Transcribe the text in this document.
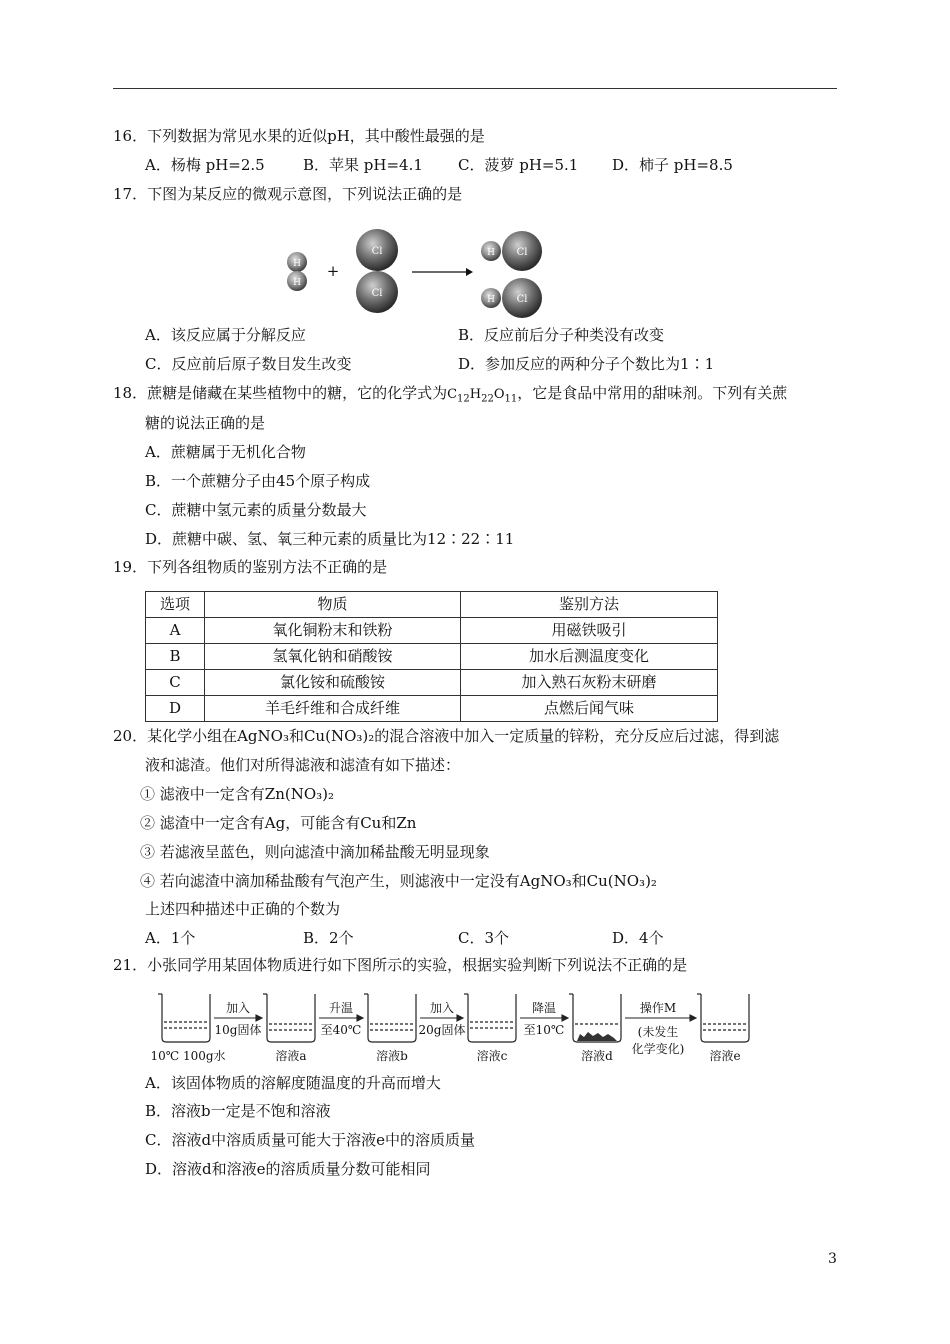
16．下列数据为常见水果的近似pH，其中酸性最强的是
A．杨梅 pH=2.5	B．苹果 pH=4.1 C．菠萝 pH=5.1 D．柿子 pH=8.5
17．下图为某反应的微观示意图，下列说法正确的是
H
H
+
Cl
Cl
H Cl
H Cl
A．该反应属于分解反应	B．反应前后分子种类没有改变
C．反应前后原子数目发生改变	D．参加反应的两种分子个数比为1∶1
18．蔗糖是储藏在某些植物中的糖，它的化学式为$C_{12}H_{22}O_{11}$，它是食品中常用的甜味剂。下列有关蔗
糖的说法正确的是
A．蔗糖属于无机化合物
B．一个蔗糖分子由45个原子构成
C．蔗糖中氢元素的质量分数最大
D．蔗糖中碳、氢、氧三种元素的质量比为12∶22∶11
19．下列各组物质的鉴别方法不正确的是
选项	物质	鉴别方法
A	氧化铜粉末和铁粉	用磁铁吸引
B	氢氧化钠和硝酸铵	加水后测温度变化
C	氯化铵和硫酸铵	加入熟石灰粉末研磨
D	羊毛纤维和合成纤维	点燃后闻气味
20．某化学小组在AgNO₃和Cu(NO₃)₂的混合溶液中加入一定质量的锌粉，充分反应后过滤，得到滤
液和滤渣。他们对所得滤液和滤渣有如下描述：
① 滤液中一定含有Zn(NO₃)₂
② 滤渣中一定含有Ag，可能含有Cu和Zn
③ 若滤液呈蓝色，则向滤渣中滴加稀盐酸无明显现象
④ 若向滤渣中滴加稀盐酸有气泡产生，则滤液中一定没有AgNO₃和Cu(NO₃)₂
上述四种描述中正确的个数为
A．1个	B．2个	C．3个	D．4个
21．小张同学用某固体物质进行如下图所示的实验，根据实验判断下列说法不正确的是
加入
10g固体
升温
至40℃
加入
20g固体
降温
至10℃
操作M
(未发生
化学变化)
10℃ 100g水	溶液a	溶液b	溶液c	溶液d	溶液e
A．该固体物质的溶解度随温度的升高而增大
B．溶液b一定是不饱和溶液
C．溶液d中溶质质量可能大于溶液e中的溶质质量
D．溶液d和溶液e的溶质质量分数可能相同
3
